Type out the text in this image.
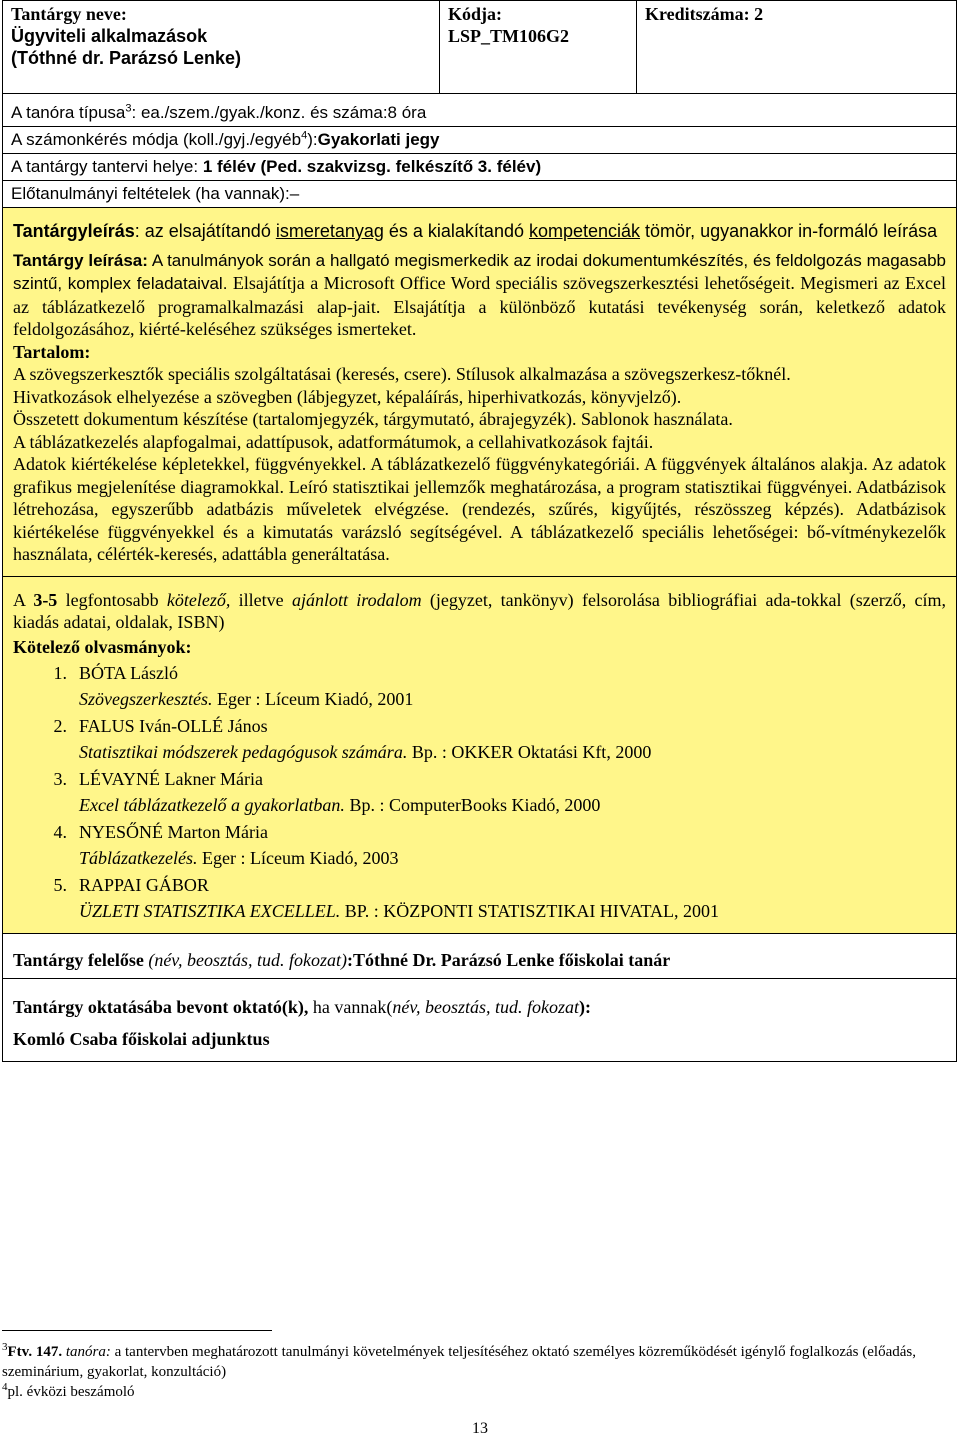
Tantárgy neve:
Ügyviteli alkalmazások
(Tóthné dr. Parázsó Lenke)

Kódja:
LSP_TM106G2

Kreditszáma: 2

A tanóra típusa$^3$: ea./szem./gyak./konz. és száma:8 óra
A számonkérés módja (koll./gyj./egyéb$^4$):Gyakorlati jegy
A tantárgy tantervi helye: 1 félév (Ped. szakvizsg. felkészítő 3. félév)
Előtanulmányi feltételek (ha vannak):–

Tantárgyleírás: az elsajátítandó ismeretanyag és a kialakítandó kompetenciák tömör, ugyanakkor in-formáló leírása

Tantárgy leírása: A tanulmányok során a hallgató megismerkedik az irodai dokumentumkészítés, és feldolgozás magasabb szintű, komplex feladataival. Elsajátítja a Microsoft Office Word speciális szövegszerkesztési lehetőségeit. Megismeri az Excel az táblázatkezelő programalkalmazási alap-jait. Elsajátítja a különböző kutatási tevékenység során, keletkező adatok feldolgozásához, kiérté-keléséhez szükséges ismerteket.

Tartalom:

A szövegszerkesztők speciális szolgáltatásai (keresés, csere). Stílusok alkalmazása a szövegszerkesz-tőknél.

Hivatkozások elhelyezése a szövegben (lábjegyzet, képaláírás, hiperhivatkozás, könyvjelző).

Összetett dokumentum készítése (tartalomjegyzék, tárgymutató, ábrajegyzék). Sablonok használata.

A táblázatkezelés alapfogalmai, adattípusok, adatformátumok, a cellahivatkozások fajtái.

Adatok kiértékelése képletekkel, függvényekkel. A táblázatkezelő függvénykategóriái. A függvények általános alakja. Az adatok grafikus megjelenítése diagramokkal. Leíró statisztikai jellemzők meghatározása, a program statisztikai függvényei. Adatbázisok létrehozása, egyszerűbb adatbázis műveletek elvégzése. (rendezés, szűrés, kigyűjtés, részösszeg képzés). Adatbázisok kiértékelése függvényekkel és a kimutatás varázsló segítségével. A táblázatkezelő speciális lehetőségei: bő-vítménykezelők használata, célérték-keresés, adattábla generáltatása.

A 3-5 legfontosabb kötelező, illetve ajánlott irodalom (jegyzet, tankönyv) felsorolása bibliográfiai ada-tokkal (szerző, cím, kiadás adatai, oldalak, ISBN)

Kötelező olvasmányok:

1. BÓTA László
Szövegszerkesztés. Eger : Líceum Kiadó, 2001
2. FALUS Iván-OLLÉ János
Statisztikai módszerek pedagógusok számára. Bp. : OKKER Oktatási Kft, 2000
3. LÉVAYNÉ Lakner Mária
Excel táblázatkezelő a gyakorlatban. Bp. : ComputerBooks Kiadó, 2000
4. NYESŐNÉ Marton Mária
Táblázatkezelés. Eger : Líceum Kiadó, 2003
5. RAPPAI GÁBOR
ÜZLETI STATISZTIKA EXCELLEL. BP. : KÖZPONTI STATISZTIKAI HIVATAL, 2001

Tantárgy felelőse (név, beosztás, tud. fokozat):Tóthné Dr. Parázsó Lenke főiskolai tanár

Tantárgy oktatásába bevont oktató(k), ha vannak(név, beosztás, tud. fokozat):
Komló Csaba főiskolai adjunktus
$^3$Ftv. 147. tanóra: a tantervben meghatározott tanulmányi követelmények teljesítéséhez oktató személyes közreműködését igénylő foglalkozás (előadás, szeminárium, gyakorlat, konzultáció)
$^4$pl. évközi beszámoló
13
